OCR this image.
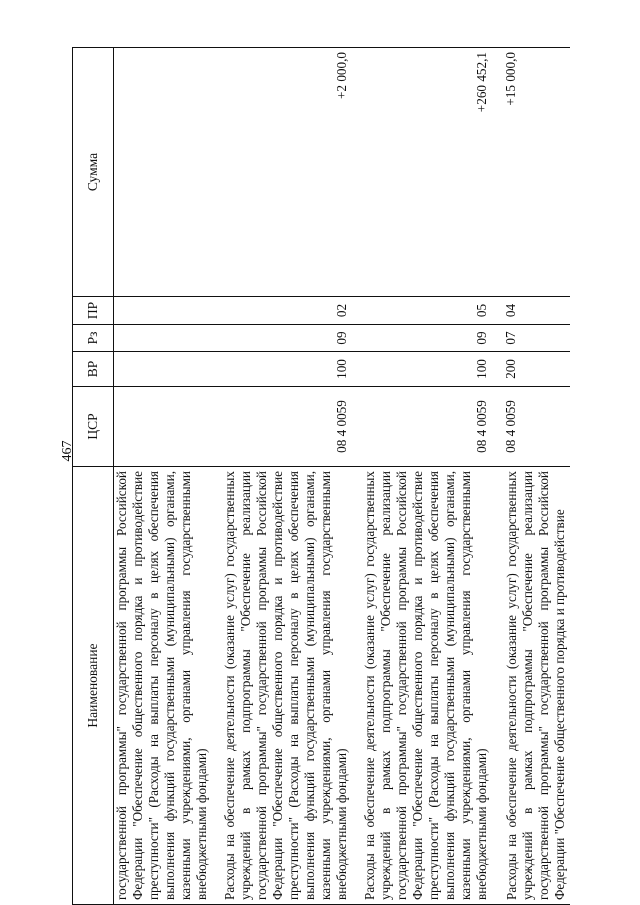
467
Наименование	ЦСР	ВР	Рз	ПР	Сумма
государственной программы" государственной программы Российской Федерации "Обеспечение общественного порядка и противодействие преступности" (Расходы на выплаты персоналу в целях обеспечения выполнения функций государственными (муниципальными) органами, казенными учреждениями, органами управления государственными внебюджетными фондами)					
Расходы на обеспечение деятельности (оказание услуг) государственных учреждений в рамках подпрограммы "Обеспечение реализации государственной программы" государственной программы Российской Федерации "Обеспечение общественного порядка и противодействие преступности" (Расходы на выплаты персоналу в целях обеспечения выполнения функций государственными (муниципальными) органами, казенными учреждениями, органами управления государственными внебюджетными фондами)	08 4 0059	100	09	02	+2 000,0
Расходы на обеспечение деятельности (оказание услуг) государственных учреждений в рамках подпрограммы "Обеспечение реализации государственной программы" государственной программы Российской Федерации "Обеспечение общественного порядка и противодействие преступности" (Расходы на выплаты персоналу в целях обеспечения выполнения функций государственными (муниципальными) органами, казенными учреждениями, органами управления государственными внебюджетными фондами)	08 4 0059	100	09	05	+260 452,1
Расходы на обеспечение деятельности (оказание услуг) государственных учреждений в рамках подпрограммы "Обеспечение реализации государственной программы" государственной программы Российской Федерации "Обеспечение общественного порядка и противодействие	08 4 0059	200	07	04	+15 000,0
